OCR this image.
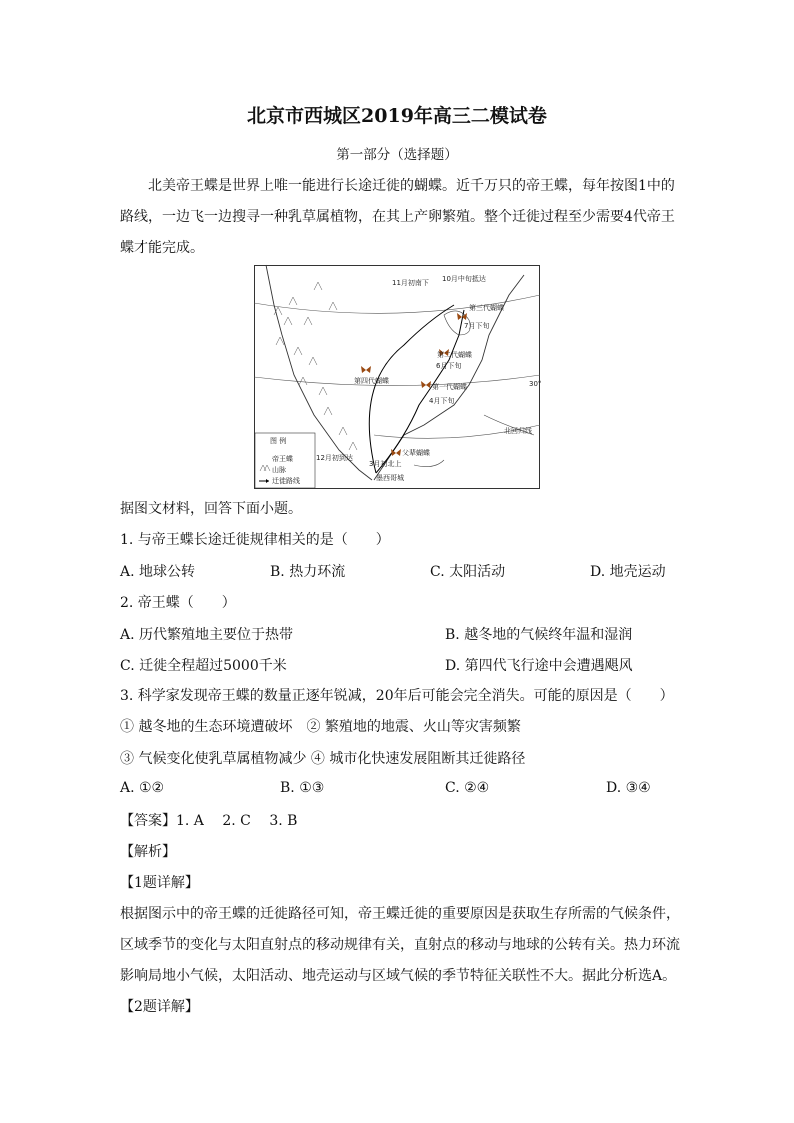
北京市西城区2019年高三二模试卷
第一部分（选择题）
北美帝王蝶是世界上唯一能进行长途迁徙的蝴蝶。近千万只的帝王蝶，每年按图1中的
路线，一边飞一边搜寻一种乳草属植物，在其上产卵繁殖。整个迁徙过程至少需要4代帝王
蝶才能完成。
11月初南下 10月中旬抵达
第三代蝴蝶
7月下旬
第二代蝴蝶
6月下旬
第四代蝴蝶
第一代蝴蝶
4月下旬
父辈蝴蝶
12月初到达
3月初北上
墨西哥城
30°
北回归线
图 例
帝王蝶
山脉
迁徙路线
据图文材料，回答下面小题。
1. 与帝王蝶长途迁徙规律相关的是（　　）
A. 地球公转	B. 热力环流	C. 太阳活动	D. 地壳运动
2. 帝王蝶（　　）
A. 历代繁殖地主要位于热带	B. 越冬地的气候终年温和湿润
C. 迁徙全程超过5000千米	D. 第四代飞行途中会遭遇飓风
3. 科学家发现帝王蝶的数量正逐年锐减，20年后可能会完全消失。可能的原因是（　　）
① 越冬地的生态环境遭破坏　② 繁殖地的地震、火山等灾害频繁
③ 气候变化使乳草属植物减少 ④ 城市化快速发展阻断其迁徙路径
A. ①②	B. ①③	C. ②④	D. ③④
【答案】1. A　 2. C　 3. B
【解析】
【1题详解】
根据图示中的帝王蝶的迁徙路径可知，帝王蝶迁徙的重要原因是获取生存所需的气候条件，
区域季节的变化与太阳直射点的移动规律有关，直射点的移动与地球的公转有关。热力环流
影响局地小气候，太阳活动、地壳运动与区域气候的季节特征关联性不大。据此分析选A。
【2题详解】
